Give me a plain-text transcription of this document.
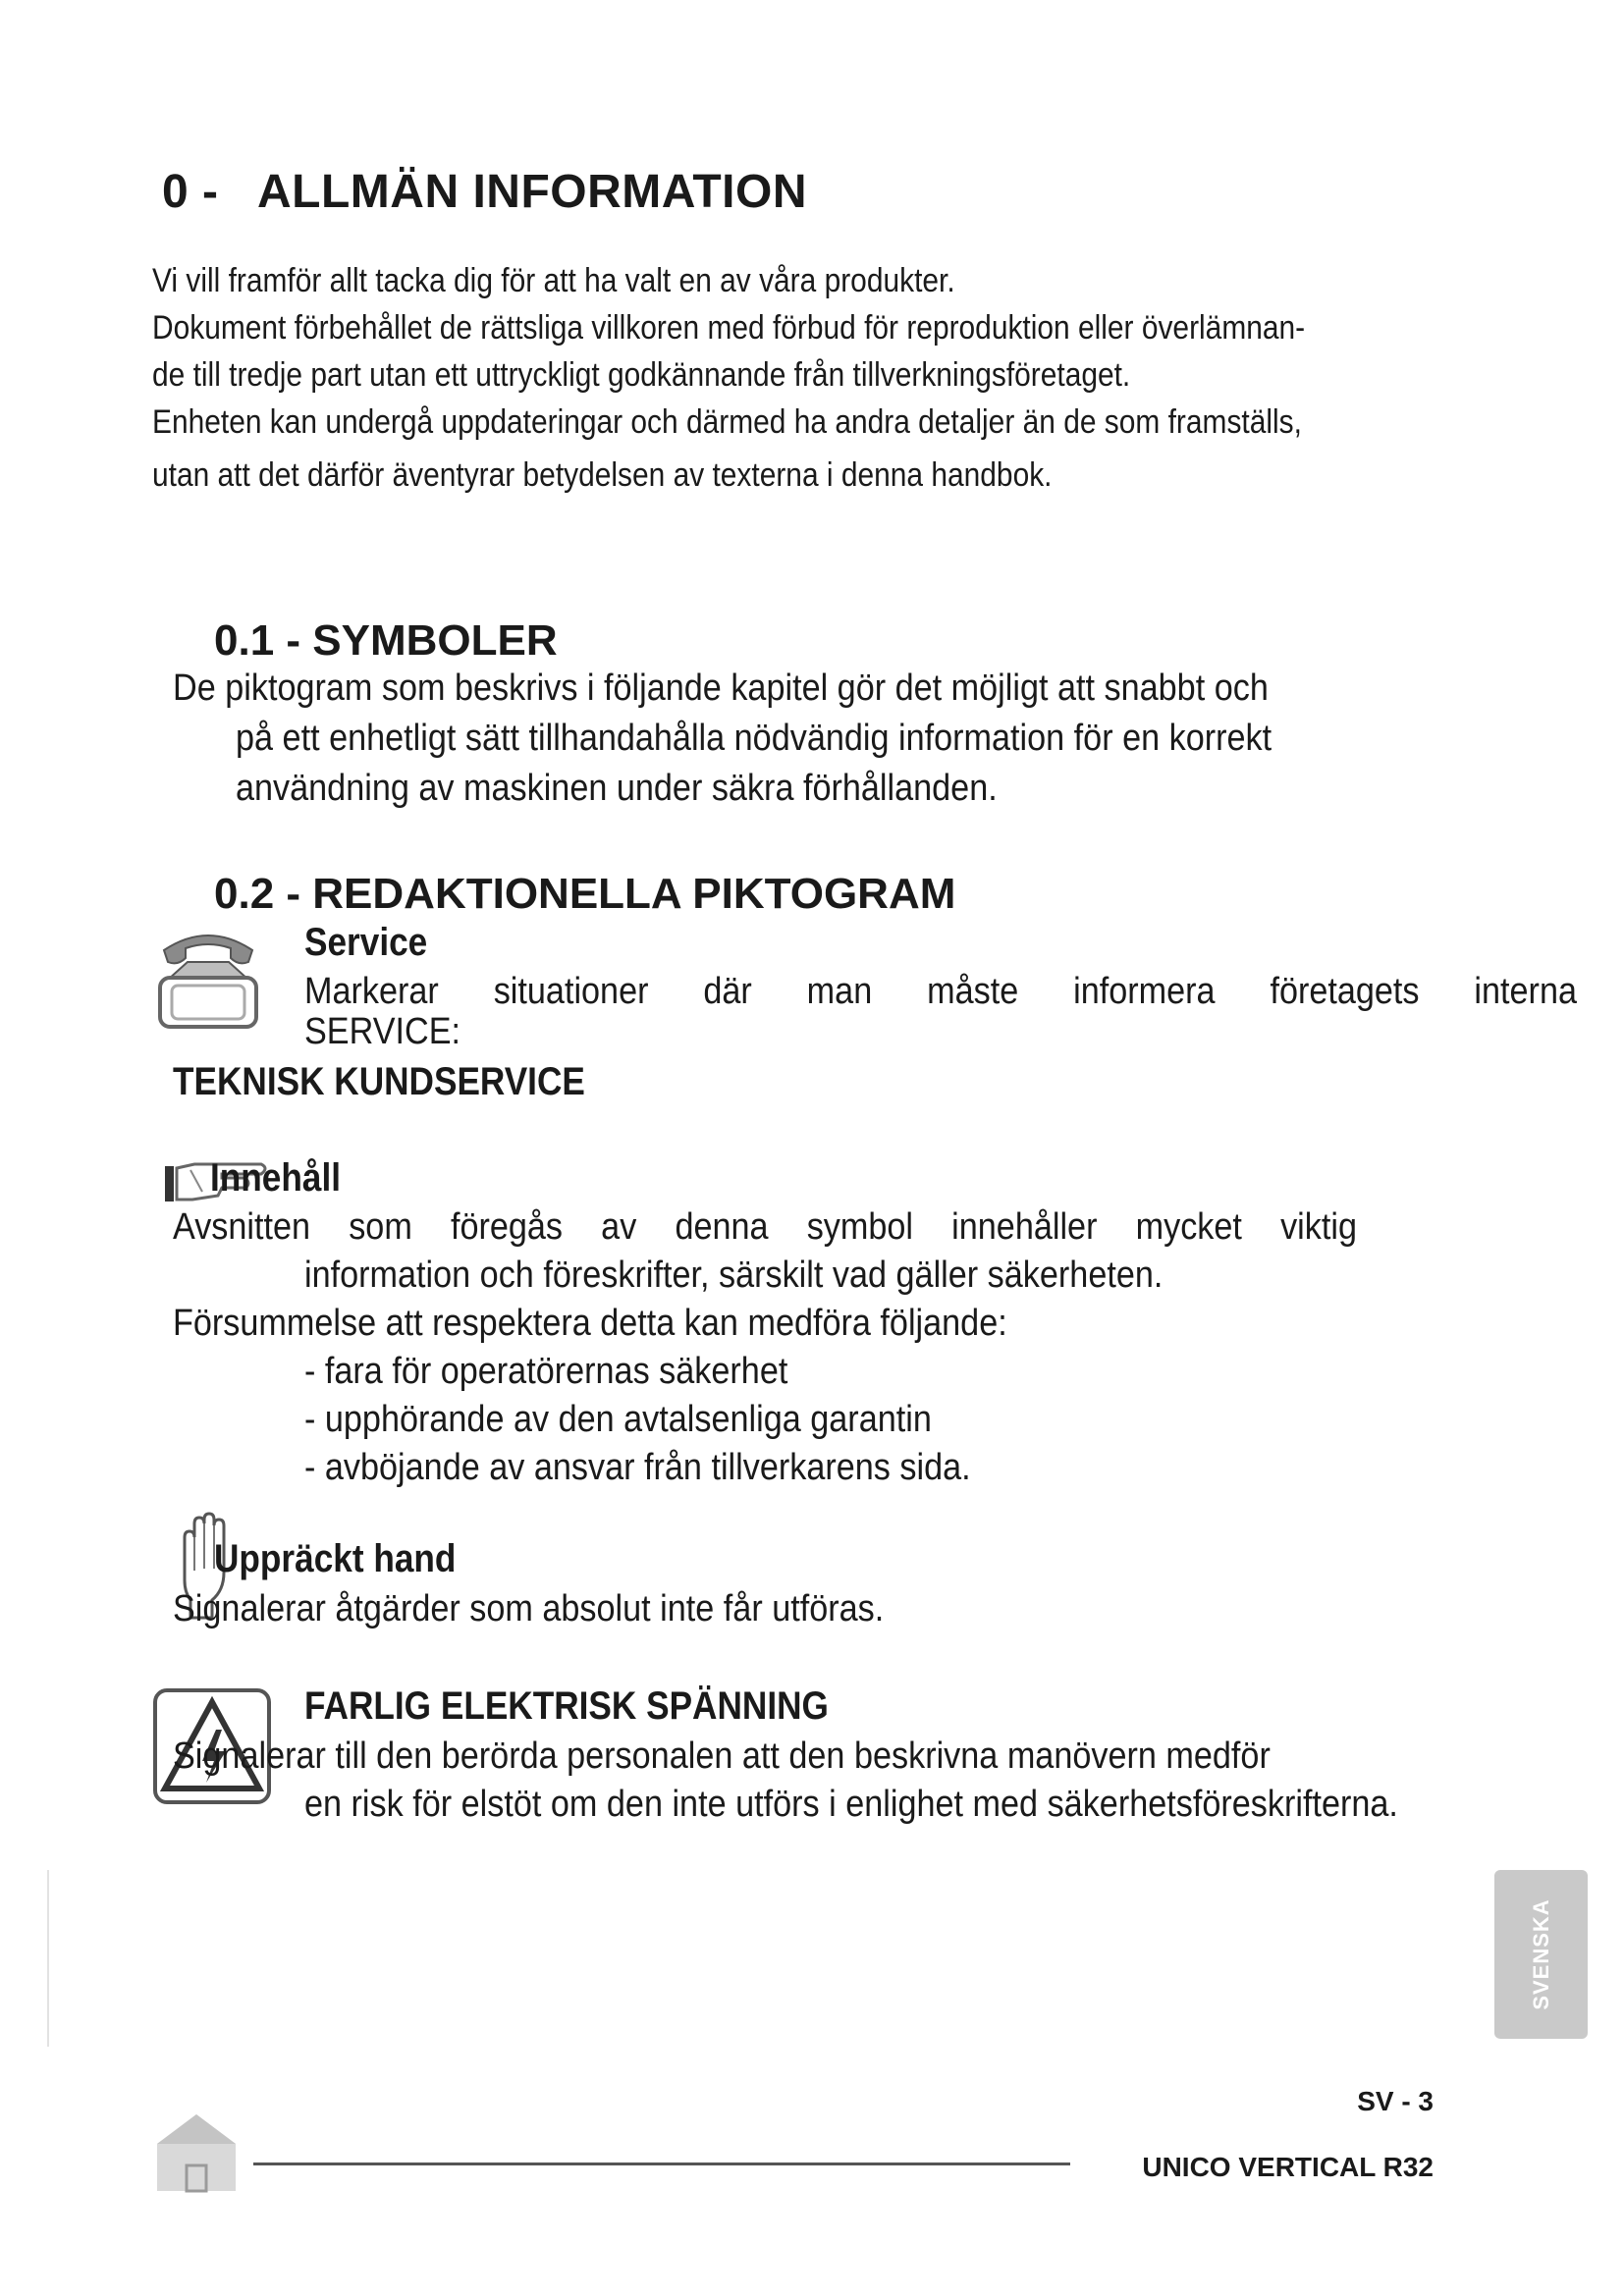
0 - ALLMÄN INFORMATION

Vi vill framför allt tacka dig för att ha valt en av våra produkter.

Dokument förbehållet de rättsliga villkoren med förbud för reproduktion eller överlämnan-

de till tredje part utan ett uttryckligt godkännande från tillverkningsföretaget.

Enheten kan undergå uppdateringar och därmed ha andra detaljer än de som framställs,

utan att det därför äventyrar betydelsen av texterna i denna handbok.

0.1 - SYMBOLER
De piktogram som beskrivs i följande kapitel gör det möjligt att snabbt och
på ett enhetligt sätt tillhandahålla nödvändig information för en korrekt
användning av maskinen under säkra förhållanden.
0.2 - REDAKTIONELLA PIKTOGRAM
Service
Markerar situationer där man måste informera företagets interna
SERVICE:
TEKNISK KUNDSERVICE
Innehåll
Avsnitten som föregås av denna symbol innehåller mycket viktig
information och föreskrifter, särskilt vad gäller säkerheten.
Försummelse att respektera detta kan medföra följande:
- fara för operatörernas säkerhet
- upphörande av den avtalsenliga garantin
- avböjande av ansvar från tillverkarens sida.
Uppräckt hand
Signalerar åtgärder som absolut inte får utföras.
FARLIG ELEKTRISK SPÄNNING
Signalerar till den berörda personalen att den beskrivna manövern medför
en risk för elstöt om den inte utförs i enlighet med säkerhetsföreskrifterna.
SVENSKA
SV - 3
UNICO VERTICAL R32
